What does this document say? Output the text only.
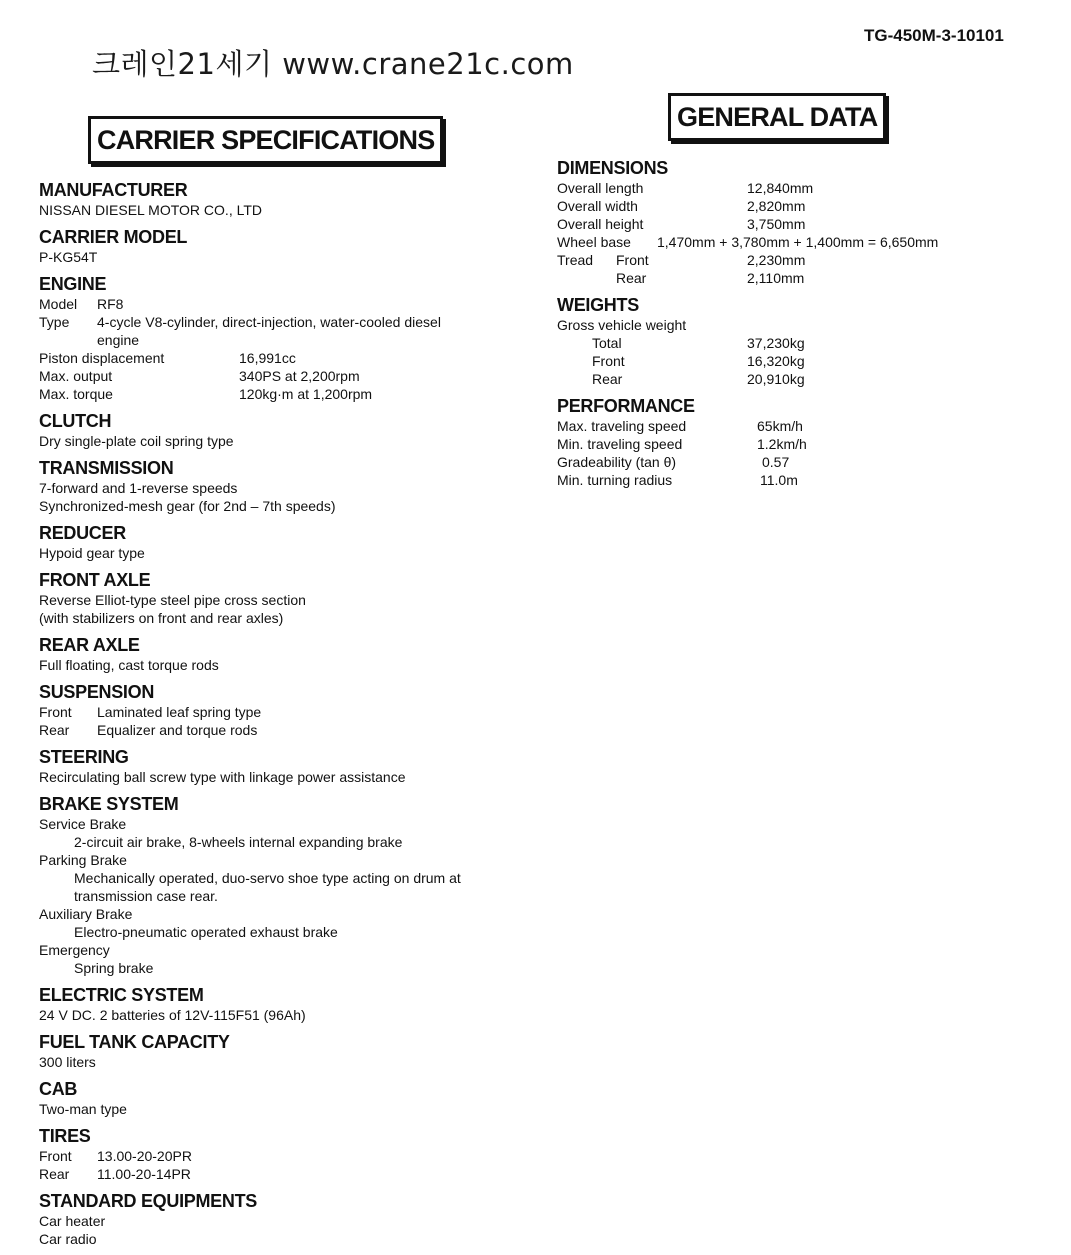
TG-450M-3-10101
크레인21세기 www.crane21c.com
CARRIER SPECIFICATIONS
GENERAL DATA
MANUFACTURER
NISSAN DIESEL MOTOR CO., LTD
CARRIER MODEL
P-KG54T
ENGINE
Model	RF8
Type	4-cycle V8-cylinder, direct-injection, water-cooled diesel engine
Piston displacement	16,991cc
Max. output	340PS at 2,200rpm
Max. torque	120kg·m at 1,200rpm
CLUTCH
Dry single-plate coil spring type
TRANSMISSION
7-forward and 1-reverse speeds
Synchronized-mesh gear (for 2nd – 7th speeds)
REDUCER
Hypoid gear type
FRONT AXLE
Reverse Elliot-type steel pipe cross section
(with stabilizers on front and rear axles)
REAR AXLE
Full floating, cast torque rods
SUSPENSION
Front	Laminated leaf spring type
Rear	Equalizer and torque rods
STEERING
Recirculating ball screw type with linkage power assistance
BRAKE SYSTEM
Service Brake
2-circuit air brake, 8-wheels internal expanding brake
Parking Brake
Mechanically operated, duo-servo shoe type acting on drum at transmission case rear.
Auxiliary Brake
Electro-pneumatic operated exhaust brake
Emergency
Spring brake
ELECTRIC SYSTEM
24 V DC. 2 batteries of 12V-115F51 (96Ah)
FUEL TANK CAPACITY
300 liters
CAB
Two-man type
TIRES
Front	13.00-20-20PR
Rear	11.00-20-14PR
STANDARD EQUIPMENTS
Car heater
Car radio
DIMENSIONS
Overall length	12,840mm
Overall width	2,820mm
Overall height	3,750mm
Wheel base	1,470mm + 3,780mm + 1,400mm = 6,650mm
Tread	Front	2,230mm
Rear	2,110mm
WEIGHTS
Gross vehicle weight
Total	37,230kg
Front	16,320kg
Rear	20,910kg
PERFORMANCE
Max. traveling speed	65km/h
Min. traveling speed	1.2km/h
Gradeability (tan θ)	0.57
Min. turning radius	11.0m
